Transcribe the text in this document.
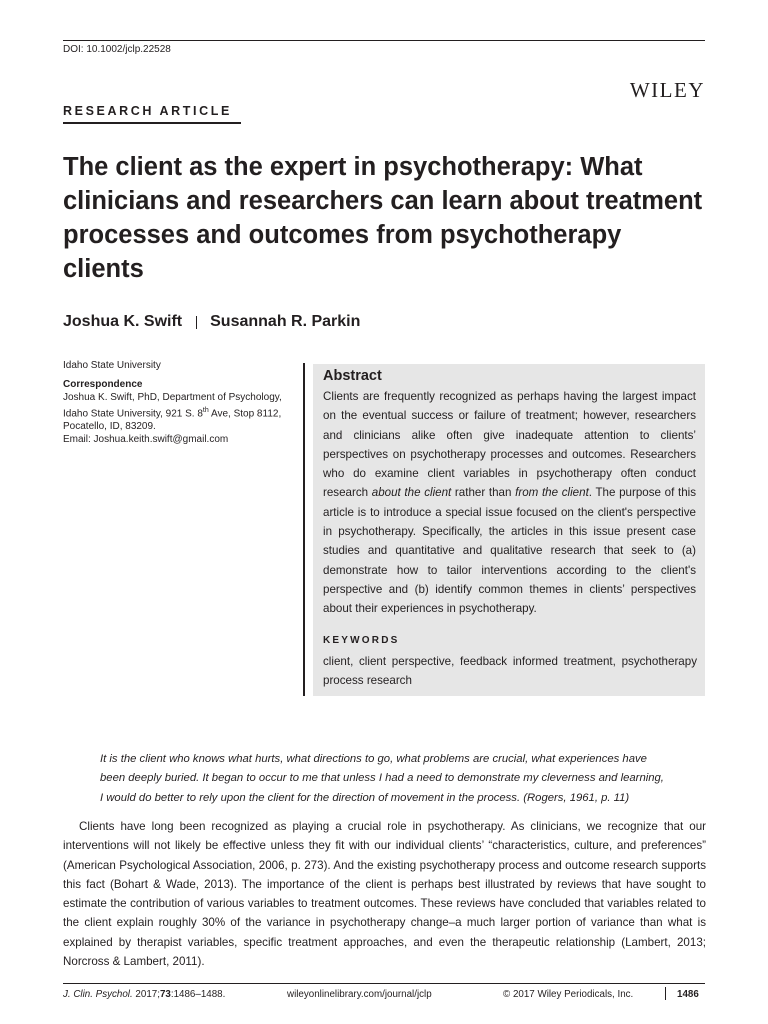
DOI: 10.1002/jclp.22528
WILEY
RESEARCH ARTICLE
The client as the expert in psychotherapy: What clinicians and researchers can learn about treatment processes and outcomes from psychotherapy clients
Joshua K. Swift Susannah R. Parkin

Idaho State University

Correspondence

Joshua K. Swift, PhD, Department of Psychology,

Idaho State University, 921 S. 8th Ave, Stop 8112,

Pocatello, ID, 83209.

Email: Joshua.keith.swift@gmail.com

Abstract

Clients are frequently recognized as perhaps having the largest impact on the eventual success or failure of treatment; however, researchers and clinicians alike often give inadequate attention to clients’ perspectives on psychotherapy processes and outcomes. Researchers who do examine client variables in psychotherapy often conduct research about the client rather than from the client. The purpose of this article is to introduce a special issue focused on the client's perspective in psychotherapy. Specifically, the articles in this issue present case studies and quantitative and qualitative research that seek to (a) demonstrate how to tailor interventions according to the client's perspective and (b) identify common themes in clients’ perspectives about their experiences in psychotherapy.

KEYWORDS

client, client perspective, feedback informed treatment, psychotherapy process research

It is the client who knows what hurts, what directions to go, what problems are crucial, what experiences have been deeply buried. It began to occur to me that unless I had a need to demonstrate my cleverness and learning, I would do better to rely upon the client for the direction of movement in the process. (Rogers, 1961, p. 11)

Clients have long been recognized as playing a crucial role in psychotherapy. As clinicians, we recognize that our interventions will not likely be effective unless they fit with our individual clients’ “characteristics, culture, and preferences” (American Psychological Association, 2006, p. 273). And the existing psychotherapy process and outcome research supports this fact (Bohart & Wade, 2013). The importance of the client is perhaps best illustrated by reviews that have sought to estimate the contribution of various variables to treatment outcomes. These reviews have concluded that variables related to the client explain roughly 30% of the variance in psychotherapy change–a much larger portion of variance than what is explained by therapist variables, specific treatment approaches, and even the therapeutic relationship (Lambert, 2013; Norcross & Lambert, 2011).

J. Clin. Psychol. 2017;73:1486–1488.	wileyonlinelibrary.com/journal/jclp	© 2017 Wiley Periodicals, Inc.	1486
